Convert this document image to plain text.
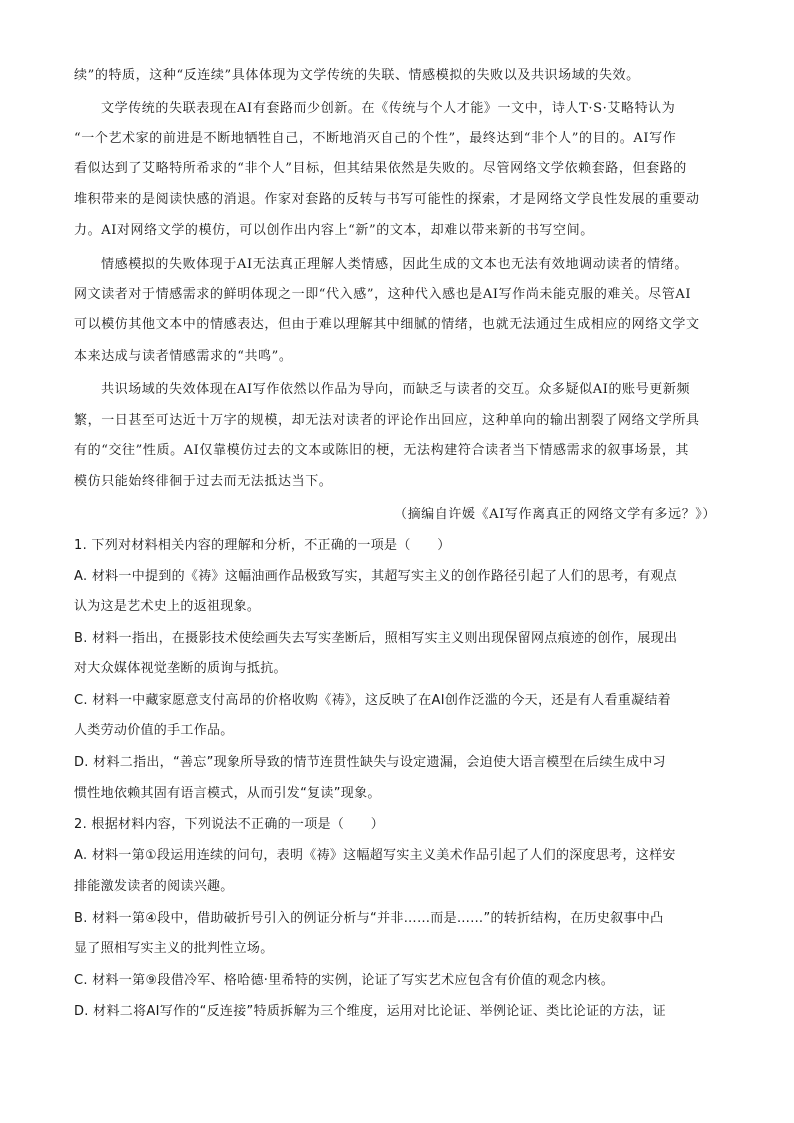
续”的特质，这种“反连续”具体体现为文学传统的失联、情感模拟的失败以及共识场域的失效。
文学传统的失联表现在AI有套路而少创新。在《传统与个人才能》一文中，诗人T·S·艾略特认为
“一个艺术家的前进是不断地牺牲自己，不断地消灭自己的个性”，最终达到“非个人”的目的。AI写作
看似达到了艾略特所希求的“非个人”目标，但其结果依然是失败的。尽管网络文学依赖套路，但套路的
堆积带来的是阅读快感的消退。作家对套路的反转与书写可能性的探索，才是网络文学良性发展的重要动
力。AI对网络文学的模仿，可以创作出内容上“新”的文本，却难以带来新的书写空间。
情感模拟的失败体现于AI无法真正理解人类情感，因此生成的文本也无法有效地调动读者的情绪。
网文读者对于情感需求的鲜明体现之一即“代入感”，这种代入感也是AI写作尚未能克服的难关。尽管AI
可以模仿其他文本中的情感表达，但由于难以理解其中细腻的情绪，也就无法通过生成相应的网络文学文
本来达成与读者情感需求的“共鸣”。
共识场域的失效体现在AI写作依然以作品为导向，而缺乏与读者的交互。众多疑似AI的账号更新频
繁，一日甚至可达近十万字的规模，却无法对读者的评论作出回应，这种单向的输出割裂了网络文学所具
有的“交往”性质。AI仅靠模仿过去的文本或陈旧的梗，无法构建符合读者当下情感需求的叙事场景，其
模仿只能始终徘徊于过去而无法抵达当下。
（摘编自许媛《AI写作离真正的网络文学有多远？》）
1. 下列对材料相关内容的理解和分析，不正确的一项是（　　）
A. 材料一中提到的《祷》这幅油画作品极致写实，其超写实主义的创作路径引起了人们的思考，有观点
认为这是艺术史上的返祖现象。
B. 材料一指出，在摄影技术使绘画失去写实垄断后，照相写实主义则出现保留网点痕迹的创作，展现出
对大众媒体视觉垄断的质询与抵抗。
C. 材料一中藏家愿意支付高昂的价格收购《祷》，这反映了在AI创作泛滥的今天，还是有人看重凝结着
人类劳动价值的手工作品。
D. 材料二指出，“善忘”现象所导致的情节连贯性缺失与设定遗漏，会迫使大语言模型在后续生成中习
惯性地依赖其固有语言模式，从而引发“复读”现象。
2. 根据材料内容，下列说法不正确的一项是（　　）
A. 材料一第①段运用连续的问句，表明《祷》这幅超写实主义美术作品引起了人们的深度思考，这样安
排能激发读者的阅读兴趣。
B. 材料一第④段中，借助破折号引入的例证分析与“并非……而是……”的转折结构，在历史叙事中凸
显了照相写实主义的批判性立场。
C. 材料一第⑨段借冷军、格哈德·里希特的实例，论证了写实艺术应包含有价值的观念内核。
D. 材料二将AI写作的“反连接”特质拆解为三个维度，运用对比论证、举例论证、类比论证的方法，证
